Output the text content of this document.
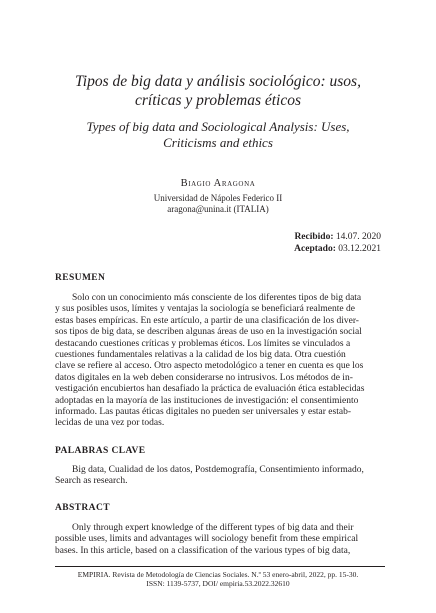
Tipos de big data y análisis sociológico: usos,
críticas y problemas éticos
Types of big data and Sociological Analysis: Uses,
Criticisms and ethics
Biagio Aragona
Universidad de Nápoles Federico II
aragona@unina.it (ITALIA)
Recibido: 14.07. 2020
Aceptado: 03.12.2021
RESUMEN
Solo con un conocimiento más consciente de los diferentes tipos de big data
y sus posibles usos, límites y ventajas la sociología se beneficiará realmente de
estas bases empíricas. En este artículo, a partir de una clasificación de los diver-
sos tipos de big data, se describen algunas áreas de uso en la investigación social
destacando cuestiones críticas y problemas éticos. Los límites se vinculados a
cuestiones fundamentales relativas a la calidad de los big data. Otra cuestión
clave se refiere al acceso. Otro aspecto metodológico a tener en cuenta es que los
datos digitales en la web deben considerarse no intrusivos. Los métodos de in-
vestigación encubiertos han desafiado la práctica de evaluación ética establecidas
adoptadas en la mayoría de las instituciones de investigación: el consentimiento
informado. Las pautas éticas digitales no pueden ser universales y estar estab-
lecidas de una vez por todas.
PALABRAS CLAVE
Big data, Cualidad de los datos, Postdemografía, Consentimiento informado,
Search as research.
ABSTRACT
Only through expert knowledge of the different types of big data and their
possible uses, limits and advantages will sociology benefit from these empirical
bases. In this article, based on a classification of the various types of big data,
EMPIRIA. Revista de Metodología de Ciencias Sociales. N.º 53 enero-abril, 2022, pp. 15-30.
ISSN: 1139-5737, DOI/ empiria.53.2022.32610
